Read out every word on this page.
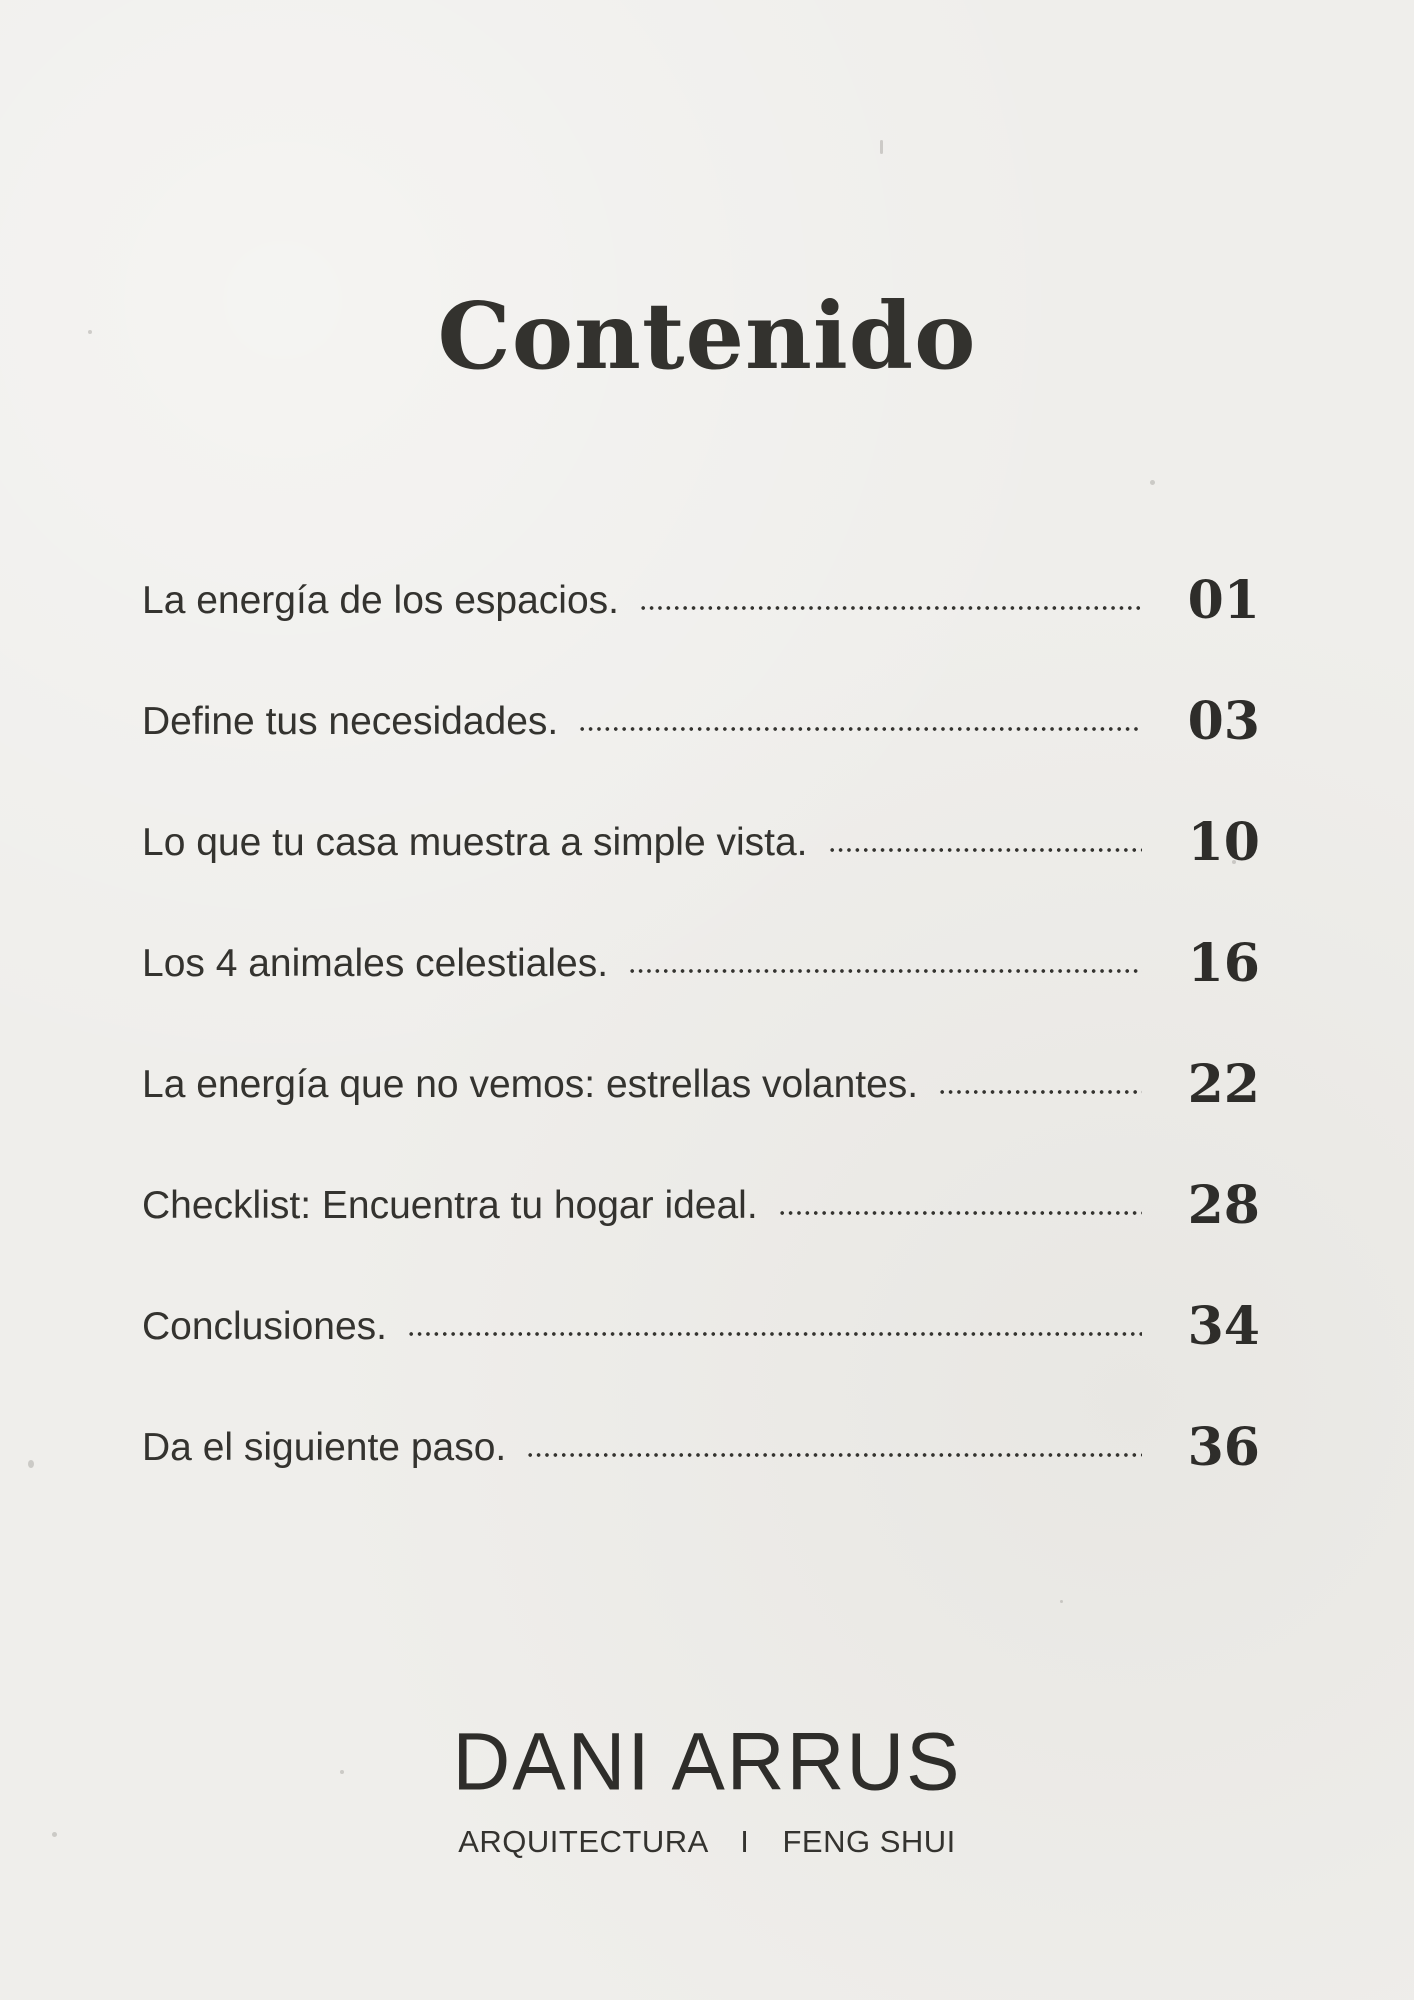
Contenido
La energía de los espacios.	01
Define tus necesidades.	03
Lo que tu casa muestra a simple vista.	10
Los 4 animales celestiales.	16
La energía que no vemos: estrellas volantes.	22
Checklist: Encuentra tu hogar ideal.	28
Conclusiones.	34
Da el siguiente paso.	36
DANI ARRUS
ARQUITECTURA I FENG SHUI
